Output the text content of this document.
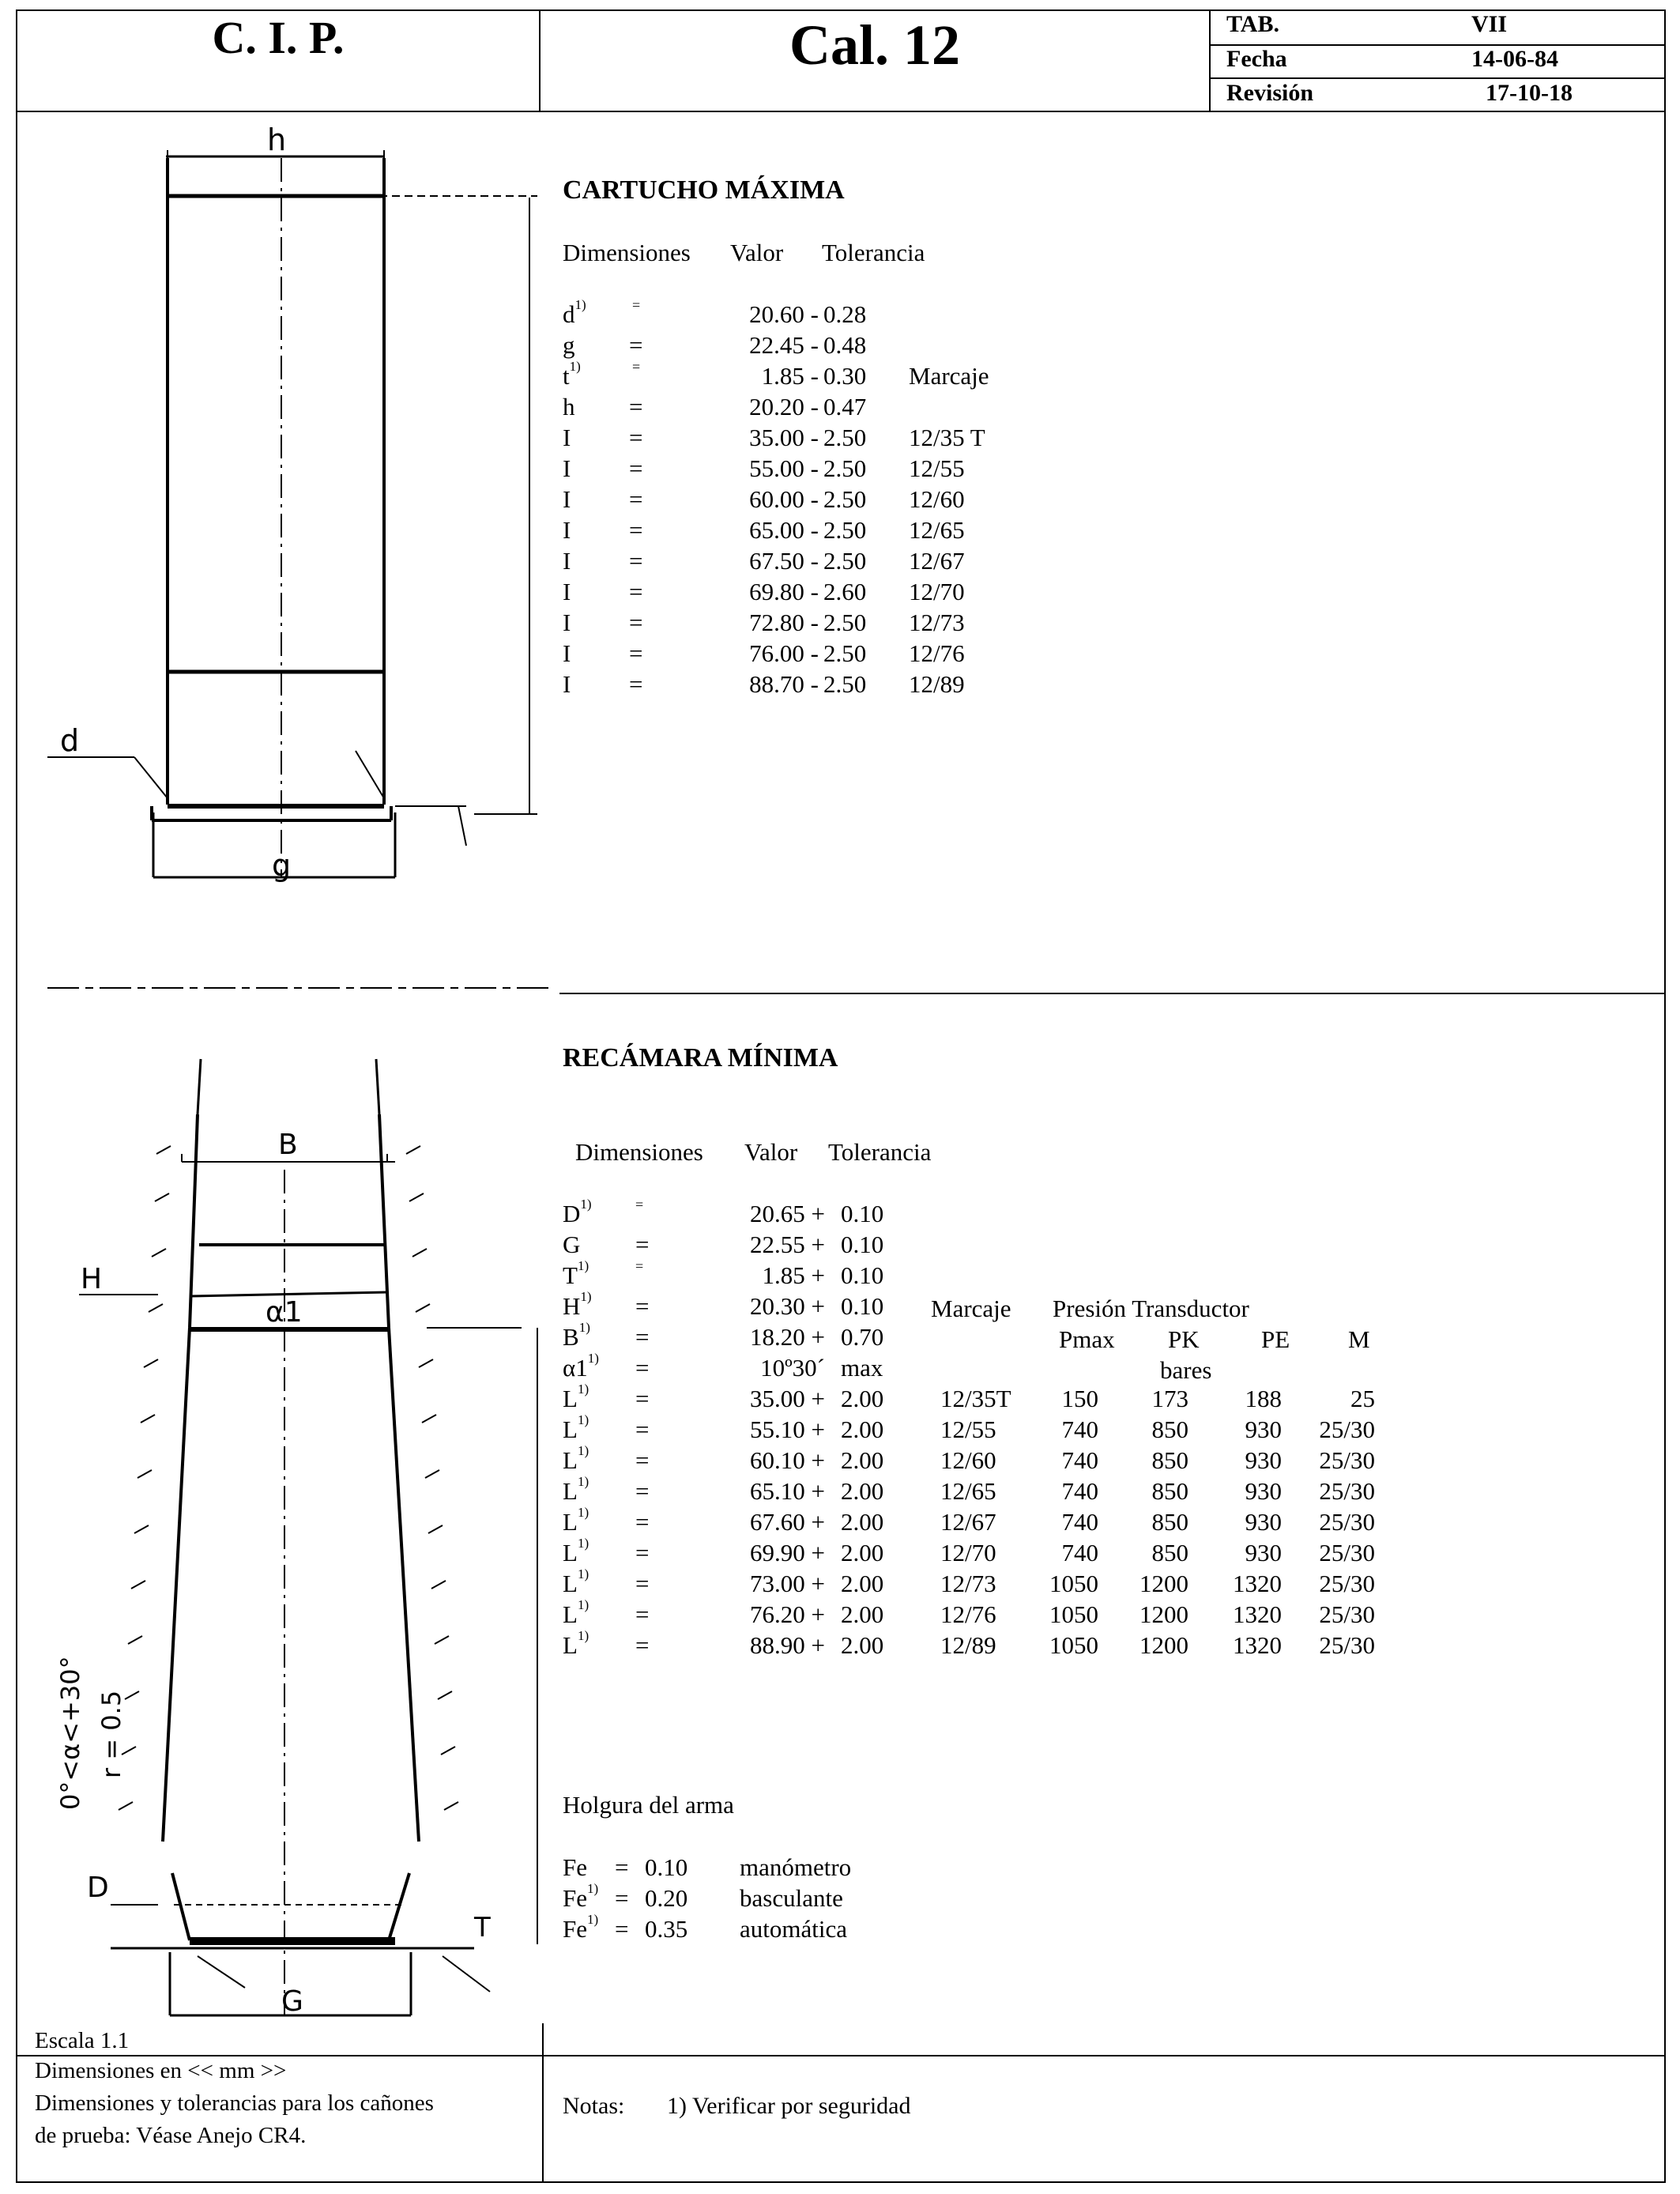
C. I. P.	Cal. 12	TAB.	VII
Fecha	14-06-84
Revisión	17-10-18
h
d
g
CARTUCHO MÁXIMA
Dimensiones Valor Tolerancia
$d^{1)}$	=	20.60 - 0.28
g =	22.45 - 0.48
$t^{1)}$	=	1.85 - 0.30 Marcaje
h =	20.20 - 0.47
I =	35.00 - 2.50 12/35 T
I =	55.00 - 2.50 12/55
I =	60.00 - 2.50 12/60
I =	65.00 - 2.50 12/65
I =	67.50 - 2.50 12/67
I =	69.80 - 2.60 12/70
I =	72.80 - 2.50 12/73
I =	76.00 - 2.50 12/76
I =	88.70 - 2.50 12/89
B
H
α1
D
G
T
0°<α<+30° r = 0.5
RECÁMARA MÍNIMA
Dimensiones Valor Tolerancia
Marcaje Presión Transductor
Pmax PK	PE M
bares
$D^{1)}$	=	20.65 + 0.10
G =	22.55 + 0.10
$T^{1)}$	=	1.85 + 0.10
$H^{1)}$ =	20.30 + 0.10
$B^{1)}$ =	18.20 + 0.70
$\alpha 1^{1)}$ =	10º30´ max
$L^{1)}$ =	35.00 + 2.00 12/35T 150 173 188	25
$L^{1)}$ =	55.10 + 2.00 12/55	740 850 930 25/30
$L^{1)}$ =	60.10 + 2.00 12/60	740 850 930 25/30
$L^{1)}$ =	65.10 + 2.00 12/65	740 850 930 25/30
$L^{1)}$ =	67.60 + 2.00 12/67	740 850 930 25/30
$L^{1)}$ =	69.90 + 2.00 12/70	740 850 930 25/30
$L^{1)}$ =	73.00 + 2.00 12/73 1050 1200 1320 25/30
$L^{1)}$ =	76.20 + 2.00 12/76 1050 1200 1320 25/30
$L^{1)}$ =	88.90 + 2.00 12/89 1050 1200 1320 25/30
Holgura del arma
Fe = 0.10 manómetro
$Fe^{1)} = 0.20$ basculante
$Fe^{1)} = 0.35$ automática
Escala 1.1
Dimensiones en << mm >>
Dimensiones y tolerancias para los cañones
de prueba: Véase Anejo CR4.
Notas: 1) Verificar por seguridad
